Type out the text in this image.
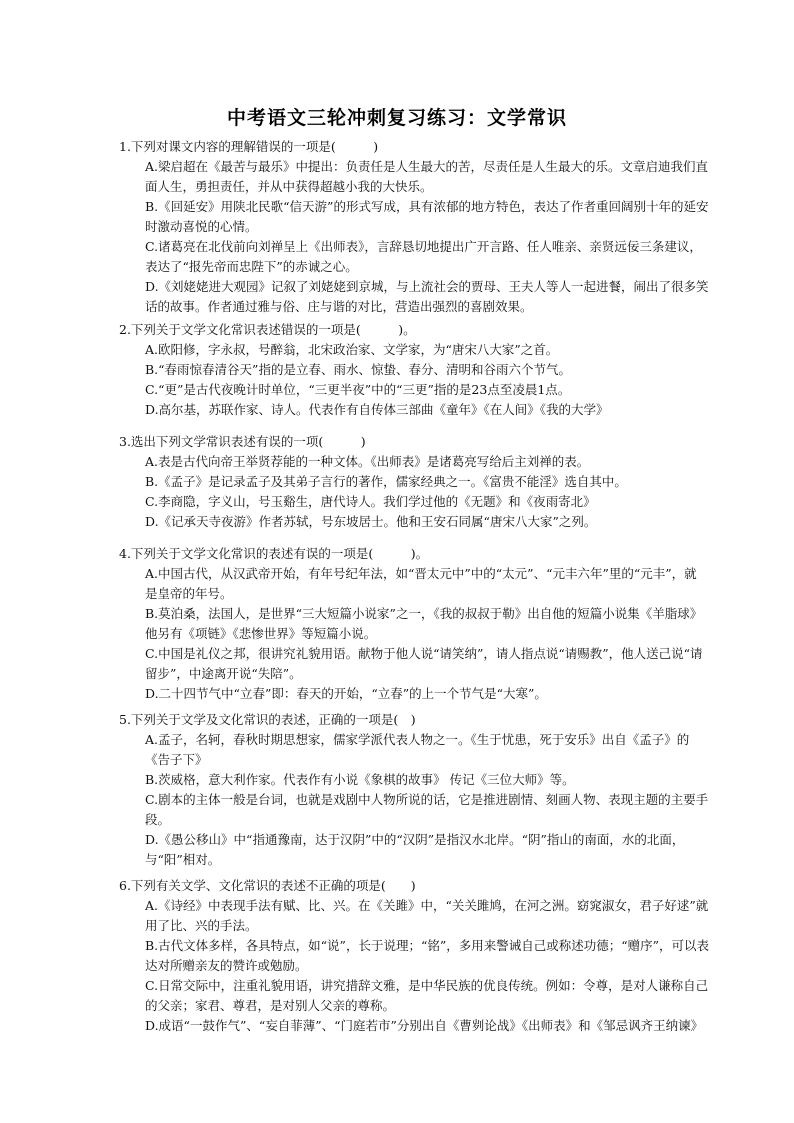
中考语文三轮冲刺复习练习：文学常识

1.下列对课文内容的理解错误的一项是(　　　)

A.梁启超在《最苦与最乐》中提出：负责任是人生最大的苦，尽责任是人生最大的乐。文章启迪我们直面人生，勇担责任，并从中获得超越小我的大快乐。

B.《回延安》用陕北民歌“信天游”的形式写成，具有浓郁的地方特色，表达了作者重回阔别十年的延安时激动喜悦的心情。

C.诸葛亮在北伐前向刘禅呈上《出师表》，言辞恳切地提出广开言路、任人唯亲、亲贤远佞三条建议，表达了“报先帝而忠陛下”的赤诚之心。

D.《刘姥姥进大观园》记叙了刘姥姥到京城，与上流社会的贾母、王夫人等人一起进餐，闹出了很多笑话的故事。作者通过雅与俗、庄与谐的对比，营造出强烈的喜剧效果。

2.下列关于文学文化常识表述错误的一项是(　　　)。

A.欧阳修，字永叔，号醉翁，北宋政治家、文学家，为“唐宋八大家”之首。

B.“春雨惊春清谷天”指的是立春、雨水、惊蛰、春分、清明和谷雨六个节气。

C.“更”是古代夜晚计时单位，“三更半夜”中的“三更”指的是23点至凌晨1点。

D.高尔基，苏联作家、诗人。代表作有自传体三部曲《童年》《在人间》《我的大学》

3.选出下列文学常识表述有误的一项(　　　)

A.表是古代向帝王举贤荐能的一种文体。《出师表》是诸葛亮写给后主刘禅的表。

B.《孟子》是记录孟子及其弟子言行的著作，儒家经典之一。《富贵不能淫》选自其中。

C.李商隐，字义山，号玉谿生，唐代诗人。我们学过他的《无题》和《夜雨寄北》

D.《记承天寺夜游》作者苏轼，号东坡居士。他和王安石同属“唐宋八大家”之列。

4.下列关于文学文化常识的表述有误的一项是(　　　)。

A.中国古代，从汉武帝开始，有年号纪年法，如“晋太元中”中的“太元”、“元丰六年”里的“元丰”，就是皇帝的年号。

B.莫泊桑，法国人，是世界“三大短篇小说家”之一，《我的叔叔于勒》出自他的短篇小说集《羊脂球》 他另有《项链》《悲惨世界》等短篇小说。

C.中国是礼仪之邦，很讲究礼貌用语。献物于他人说“请笑纳”，请人指点说“请赐教”，他人送己说“请留步”，中途离开说“失陪”。

D.二十四节气中“立春”即：春天的开始，“立春”的上一个节气是“大寒”。

5.下列关于文学及文化常识的表述，正确的一项是(　)

A.孟子，名轲，春秋时期思想家，儒家学派代表人物之一。《生于忧患，死于安乐》出自《孟子》的《告子下》

B.茨威格，意大利作家。代表作有小说《象棋的故事》 传记《三位大师》等。

C.剧本的主体一般是台词，也就是戏剧中人物所说的话，它是推进剧情、刻画人物、表现主题的主要手段。

D.《愚公移山》中“指通豫南，达于汉阴”中的“汉阴”是指汉水北岸。“阴”指山的南面，水的北面，与“阳”相对。

6.下列有关文学、文化常识的表述不正确的项是(　　)

A.《诗经》中表现手法有赋、比、兴。在《关雎》中，“关关雎鸠，在河之洲。窈窕淑女，君子好逑”就用了比、兴的手法。

B.古代文体多样，各具特点，如“说”，长于说理；“铭”，多用来警诫自己或称述功德；“赠序”，可以表达对所赠亲友的赞许或勉励。

C.日常交际中，注重礼貌用语，讲究措辞文雅，是中华民族的优良传统。例如：令尊，是对人谦称自己的父亲；家君、尊君，是对别人父亲的尊称。

D.成语“一鼓作气”、“妄自菲薄”、“门庭若市”分别出自《曹刿论战》《出师表》和《邹忌讽齐王纳谏》
